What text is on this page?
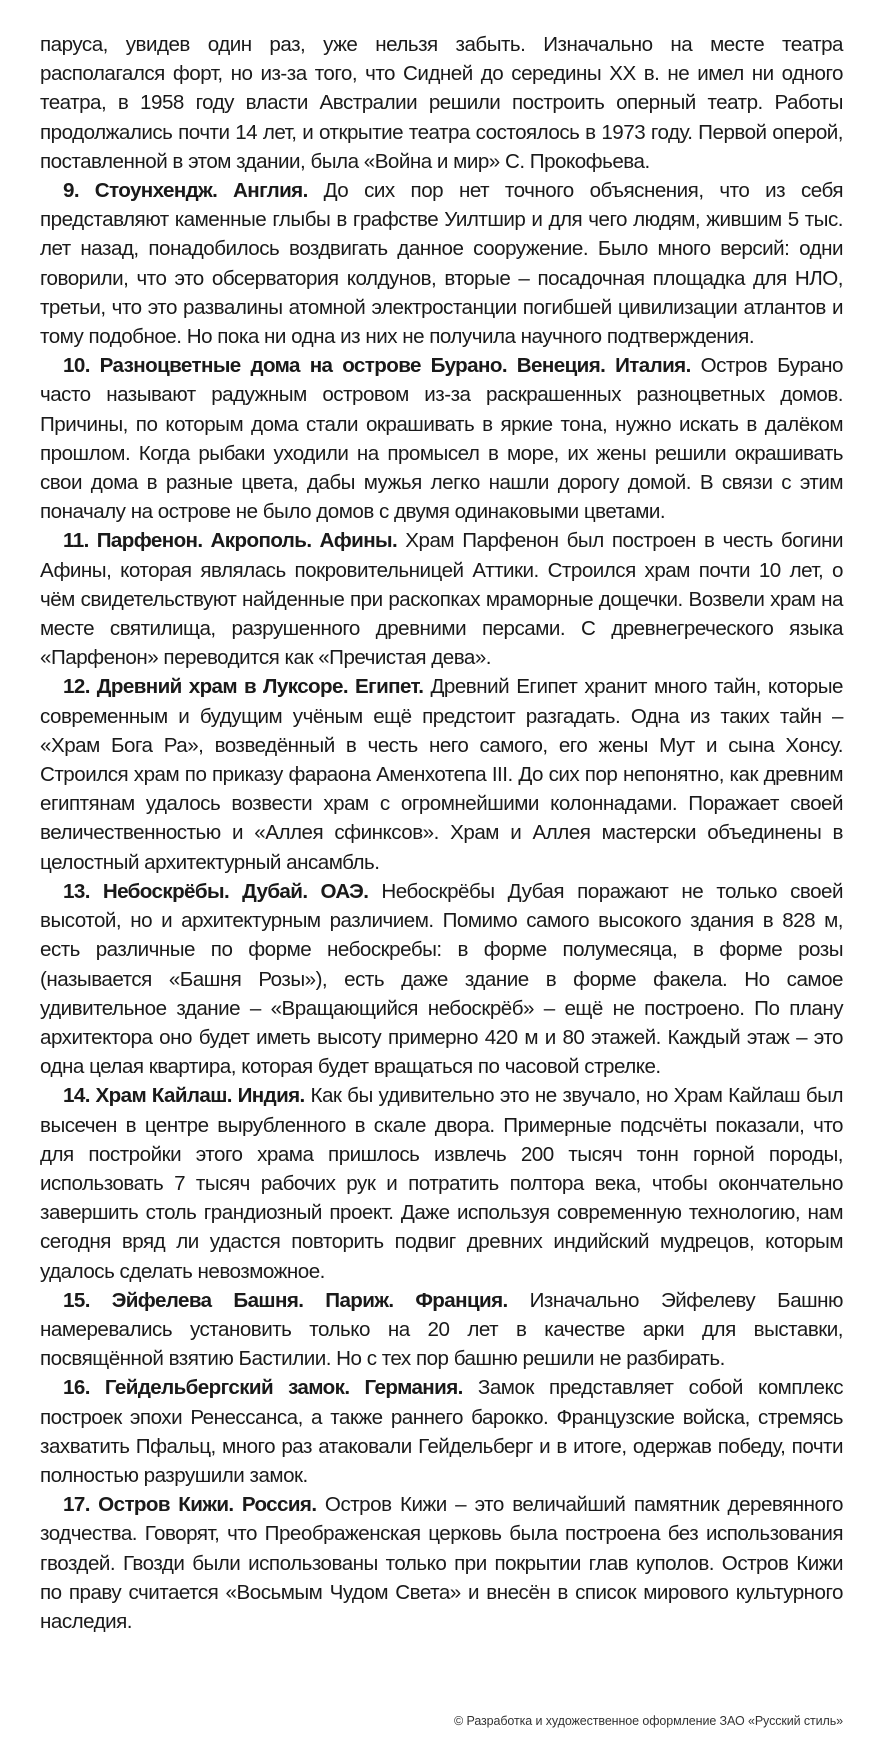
паруса, увидев один раз, уже нельзя забыть. Изначально на месте театра располагался форт, но из-за того, что Сидней до середины XX в. не имел ни одного театра, в 1958 году власти Австралии решили построить оперный театр. Работы продолжались почти 14 лет, и открытие театра состоялось в 1973 году. Первой оперой, поставленной в этом здании, была «Война и мир» С. Прокофьева.

9. Стоунхендж. Англия. До сих пор нет точного объяснения, что из себя представляют каменные глыбы в графстве Уилтшир и для чего людям, жившим 5 тыс. лет назад, понадобилось воздвигать данное сооружение. Было много версий: одни говорили, что это обсерватория колдунов, вторые – посадочная площадка для НЛО, третьи, что это развалины атомной электростанции погибшей цивилизации атлантов и тому подобное. Но пока ни одна из них не получила научного подтверждения.

10. Разноцветные дома на острове Бурано. Венеция. Италия. Остров Бурано часто называют радужным островом из-за раскрашенных разноцветных домов. Причины, по которым дома стали окрашивать в яркие тона, нужно искать в далёком прошлом. Когда рыбаки уходили на промысел в море, их жены решили окрашивать свои дома в разные цвета, дабы мужья легко нашли дорогу домой. В связи с этим поначалу на острове не было домов с двумя одинаковыми цветами.

11. Парфенон. Акрополь. Афины. Храм Парфенон был построен в честь богини Афины, которая являлась покровительницей Аттики. Строился храм почти 10 лет, о чём свидетельствуют найденные при раскопках мраморные дощечки. Возвели храм на месте святилища, разрушенного древними персами. С древнегреческого языка «Парфенон» переводится как «Пречистая дева».

12. Древний храм в Луксоре. Египет. Древний Египет хранит много тайн, которые современным и будущим учёным ещё предстоит разгадать. Одна из таких тайн – «Храм Бога Ра», возведённый в честь него самого, его жены Мут и сына Хонсу. Строился храм по приказу фараона Аменхотепа III. До сих пор непонятно, как древним египтянам удалось возвести храм с огромнейшими колоннадами. Поражает своей величественностью и «Аллея сфинксов». Храм и Аллея мастерски объединены в целостный архитектурный ансамбль.

13. Небоскрёбы. Дубай. ОАЭ. Небоскрёбы Дубая поражают не только своей высотой, но и архитектурным различием. Помимо самого высокого здания в 828 м, есть различные по форме небоскребы: в форме полумесяца, в форме розы (называется «Башня Розы»), есть даже здание в форме факела. Но самое удивительное здание – «Вращающийся небоскрёб» – ещё не построено. По плану архитектора оно будет иметь высоту примерно 420 м и 80 этажей. Каждый этаж – это одна целая квартира, которая будет вращаться по часовой стрелке.

14. Храм Кайлаш. Индия. Как бы удивительно это не звучало, но Храм Кайлаш был высечен в центре вырубленного в скале двора. Примерные подсчёты показали, что для постройки этого храма пришлось извлечь 200 тысяч тонн горной породы, использовать 7 тысяч рабочих рук и потратить полтора века, чтобы окончательно завершить столь грандиозный проект. Даже используя современную технологию, нам сегодня вряд ли удастся повторить подвиг древних индийский мудрецов, которым удалось сделать невозможное.

15. Эйфелева Башня. Париж. Франция. Изначально Эйфелеву Башню намеревались установить только на 20 лет в качестве арки для выставки, посвящённой взятию Бастилии. Но с тех пор башню решили не разбирать.

16. Гейдельбергский замок. Германия. Замок представляет собой комплекс построек эпохи Ренессанса, а также раннего барокко. Французские войска, стремясь захватить Пфальц, много раз атаковали Гейдельберг и в итоге, одержав победу, почти полностью разрушили замок.

17. Остров Кижи. Россия. Остров Кижи – это величайший памятник деревянного зодчества. Говорят, что Преображенская церковь была построена без использования гвоздей. Гвозди были использованы только при покрытии глав куполов. Остров Кижи по праву считается «Восьмым Чудом Света» и внесён в список мирового культурного наследия.

© Разработка и художественное оформление ЗАО «Русский стиль»
